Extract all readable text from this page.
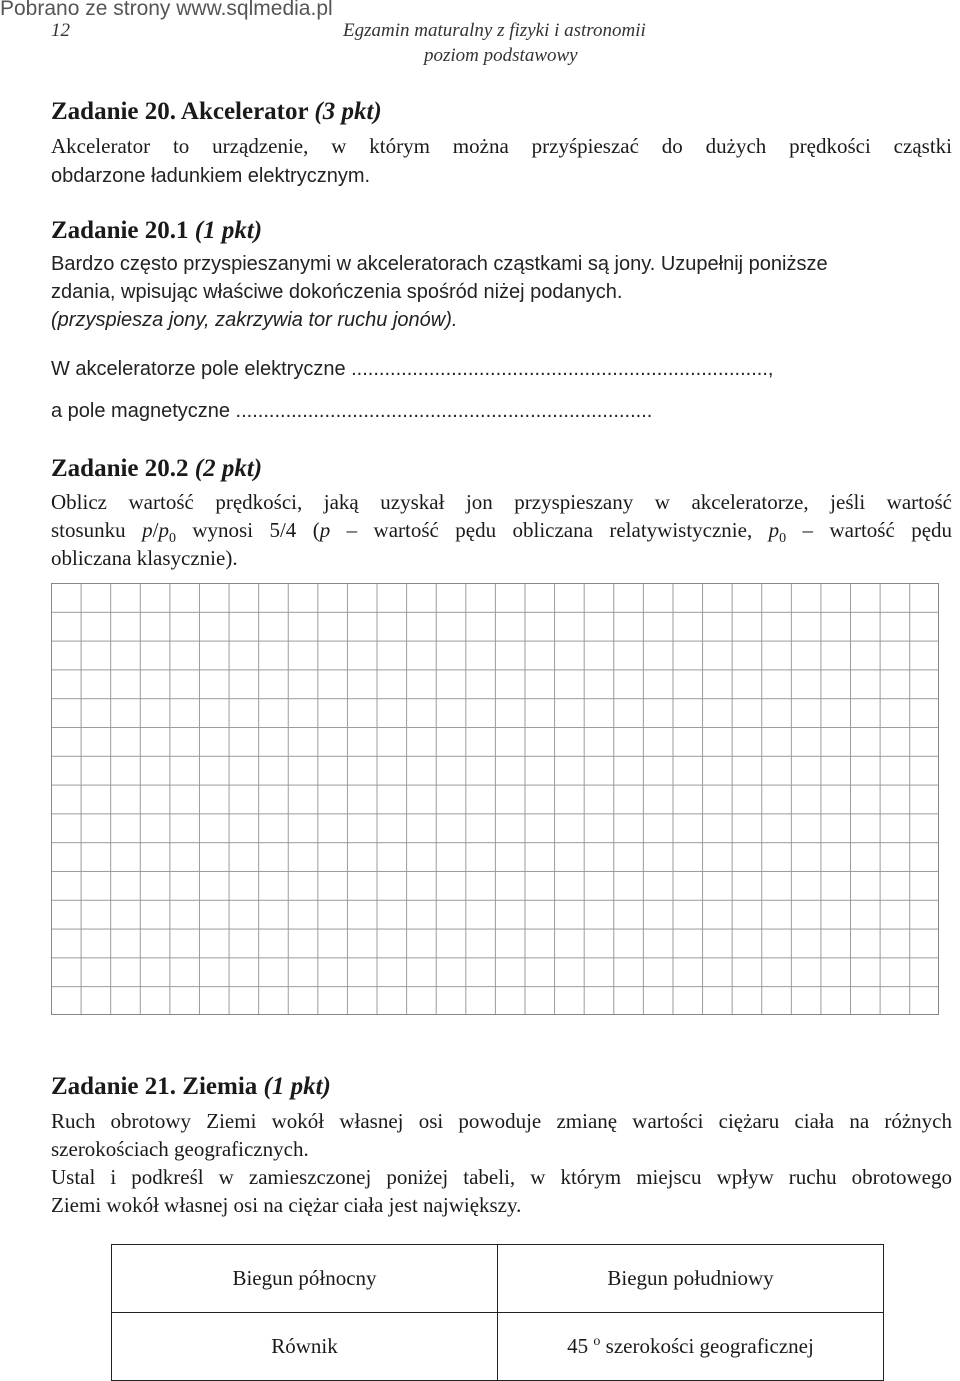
Pobrano ze strony www.sqlmedia.pl
12	Egzamin maturalny z fizyki i astronomii
poziom podstawowy
Zadanie 20. Akcelerator (3 pkt)
Akcelerator to urządzenie, w którym można przyśpieszać do dużych prędkości cząstki
obdarzone ładunkiem elektrycznym.
Zadanie 20.1 (1 pkt)
Bardzo często przyspieszanymi w akceleratorach cząstkami są jony. Uzupełnij poniższe
zdania, wpisując właściwe dokończenia spośród niżej podanych.
(przyspiesza jony, zakrzywia tor ruchu jonów).
W akceleratorze pole elektryczne ...........................................................................,
a pole magnetyczne ...........................................................................
Zadanie 20.2 (2 pkt)
Oblicz wartość prędkości, jaką uzyskał jon przyspieszany w akceleratorze, jeśli wartość
stosunku $p/p_0$ wynosi 5/4 (p – wartość pędu obliczana relatywistycznie, $p_0$ – wartość pędu
obliczana klasycznie).
Zadanie 21. Ziemia (1 pkt)
Ruch obrotowy Ziemi wokół własnej osi powoduje zmianę wartości ciężaru ciała na różnych
szerokościach geograficznych.
Ustal i podkreśl w zamieszczonej poniżej tabeli, w którym miejscu wpływ ruchu obrotowego
Ziemi wokół własnej osi na ciężar ciała jest największy.
Biegun północny	Biegun południowy
Równik	45 $^o$ szerokości geograficznej
